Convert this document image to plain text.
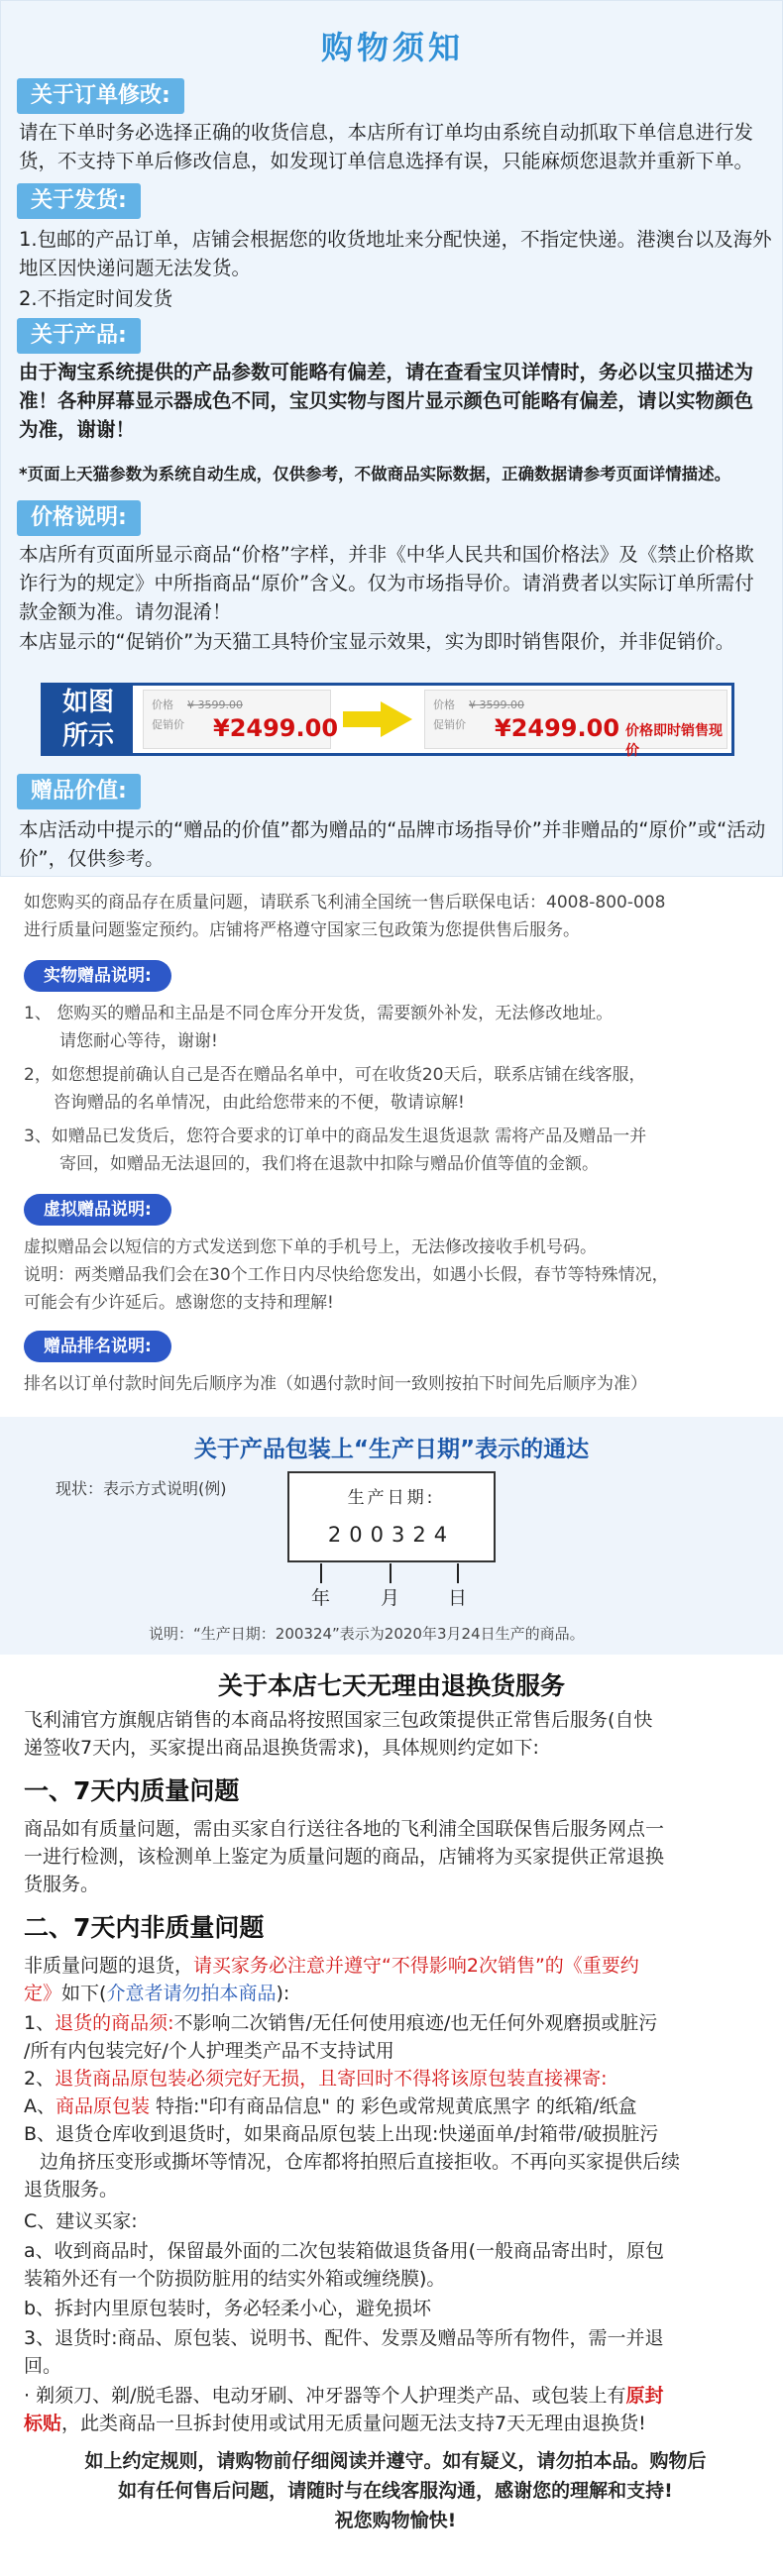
购物须知
关于订单修改:
请在下单时务必选择正确的收货信息，本店所有订单均由系统自动抓取下单信息进行发货，不支持下单后修改信息，如发现订单信息选择有误，只能麻烦您退款并重新下单。
关于发货:
1.包邮的产品订单，店铺会根据您的收货地址来分配快递，不指定快递。港澳台以及海外地区因快递问题无法发货。
2.不指定时间发货
关于产品:
由于淘宝系统提供的产品参数可能略有偏差，请在查看宝贝详情时，务必以宝贝描述为准！各种屏幕显示器成色不同，宝贝实物与图片显示颜色可能略有偏差，请以实物颜色为准，谢谢！
*页面上天猫参数为系统自动生成，仅供参考，不做商品实际数据，正确数据请参考页面详情描述。
价格说明:
本店所有页面所显示商品“价格”字样，并非《中华人民共和国价格法》及《禁止价格欺诈行为的规定》中所指商品“原价”含义。仅为市场指导价。请消费者以实际订单所需付款金额为准。请勿混淆！
本店显示的“促销价”为天猫工具特价宝显示效果，实为即时销售限价，并非促销价。
如图
所示
价格 ¥ 3599.00
促销价 ¥2499.00
价格 ¥ 3599.00
促销价 ¥2499.00 价格即时销售现价
赠品价值:
本店活动中提示的“赠品的价值”都为赠品的“品牌市场指导价”并非赠品的“原价”或“活动价”，仅供参考。
如您购买的商品存在质量问题，请联系飞利浦全国统一售后联保电话：4008-800-008
进行质量问题鉴定预约。店铺将严格遵守国家三包政策为您提供售后服务。
实物赠品说明:
1、 您购买的赠品和主品是不同仓库分开发货，需要额外补发，无法修改地址。
请您耐心等待，谢谢!
2，如您想提前确认自己是否在赠品名单中，可在收货20天后，联系店铺在线客服，
咨询赠品的名单情况，由此给您带来的不便，敬请谅解!
3、如赠品已发货后，您符合要求的订单中的商品发生退货退款 需将产品及赠品一并
寄回，如赠品无法退回的，我们将在退款中扣除与赠品价值等值的金额。
虚拟赠品说明:
虚拟赠品会以短信的方式发送到您下单的手机号上，无法修改接收手机号码。
说明：两类赠品我们会在30个工作日内尽快给您发出，如遇小长假，春节等特殊情况，
可能会有少许延后。感谢您的支持和理解!
赠品排名说明:
排名以订单付款时间先后顺序为准（如遇付款时间一致则按拍下时间先后顺序为准）
关于产品包装上“生产日期”表示的通达
现状：表示方式说明(例)	生产日期:
200324
年	月	日
说明：“生产日期：200324”表示为2020年3月24日生产的商品。
关于本店七天无理由退换货服务
飞利浦官方旗舰店销售的本商品将按照国家三包政策提供正常售后服务(自快
递签收7天内，买家提出商品退换货需求)，具体规则约定如下:
一、7天内质量问题
商品如有质量问题，需由买家自行送往各地的飞利浦全国联保售后服务网点一
一进行检测，该检测单上鉴定为质量问题的商品，店铺将为买家提供正常退换
货服务。
二、7天内非质量问题
非质量问题的退货，请买家务必注意并遵守“不得影响2次销售”的《重要约
定》如下(介意者请勿拍本商品):
1、退货的商品须:不影响二次销售/无任何使用痕迹/也无任何外观磨损或脏污
/所有内包装完好/个人护理类产品不支持试用
2、退货商品原包装必须完好无损，且寄回时不得将该原包装直接裸寄:
A、商品原包装 特指:"印有商品信息" 的 彩色或常规黄底黑字 的纸箱/纸盒
B、退货仓库收到退货时，如果商品原包装上出现:快递面单/封箱带/破损脏污
边角挤压变形或撕坏等情况，仓库都将拍照后直接拒收。不再向买家提供后续
退货服务。
C、建议买家:
a、收到商品时，保留最外面的二次包装箱做退货备用(一般商品寄出时，原包
装箱外还有一个防损防脏用的结实外箱或缠绕膜)。
b、拆封内里原包装时，务必轻柔小心，避免损坏
3、退货时:商品、原包装、说明书、配件、发票及赠品等所有物件，需一并退
回。
· 剃须刀、剃/脱毛器、电动牙刷、冲牙器等个人护理类产品、或包装上有原封
标贴，此类商品一旦拆封使用或试用无质量问题无法支持7天无理由退换货!
如上约定规则，请购物前仔细阅读并遵守。如有疑义，请勿拍本品。购物后
如有任何售后问题，请随时与在线客服沟通，感谢您的理解和支持!
祝您购物愉快!
